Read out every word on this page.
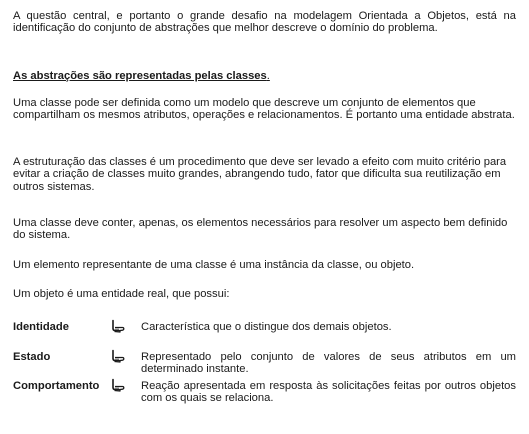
A questão central, e portanto o grande desafio na modelagem Orientada a Objetos, está na identificação do conjunto de abstrações que melhor descreve o domínio do problema.

As abstrações são representadas pelas classes.

Uma classe pode ser definida como um modelo que descreve um conjunto de elementos que compartilham os mesmos atributos, operações e relacionamentos. É portanto uma entidade abstrata.

A estruturação das classes é um procedimento que deve ser levado a efeito com muito critério para evitar a criação de classes muito grandes, abrangendo tudo, fator que dificulta sua reutilização em outros sistemas.

Uma classe deve conter, apenas, os elementos necessários para resolver um aspecto bem definido do sistema.

Um elemento representante de uma classe é uma instância da classe, ou objeto.

Um objeto é uma entidade real, que possui:

Identidade	Característica que o distingue dos demais objetos.
Estado	Representado pelo conjunto de valores de seus atributos em um determinado instante.
Comportamento	Reação apresentada em resposta às solicitações feitas por outros objetos com os quais se relaciona.
